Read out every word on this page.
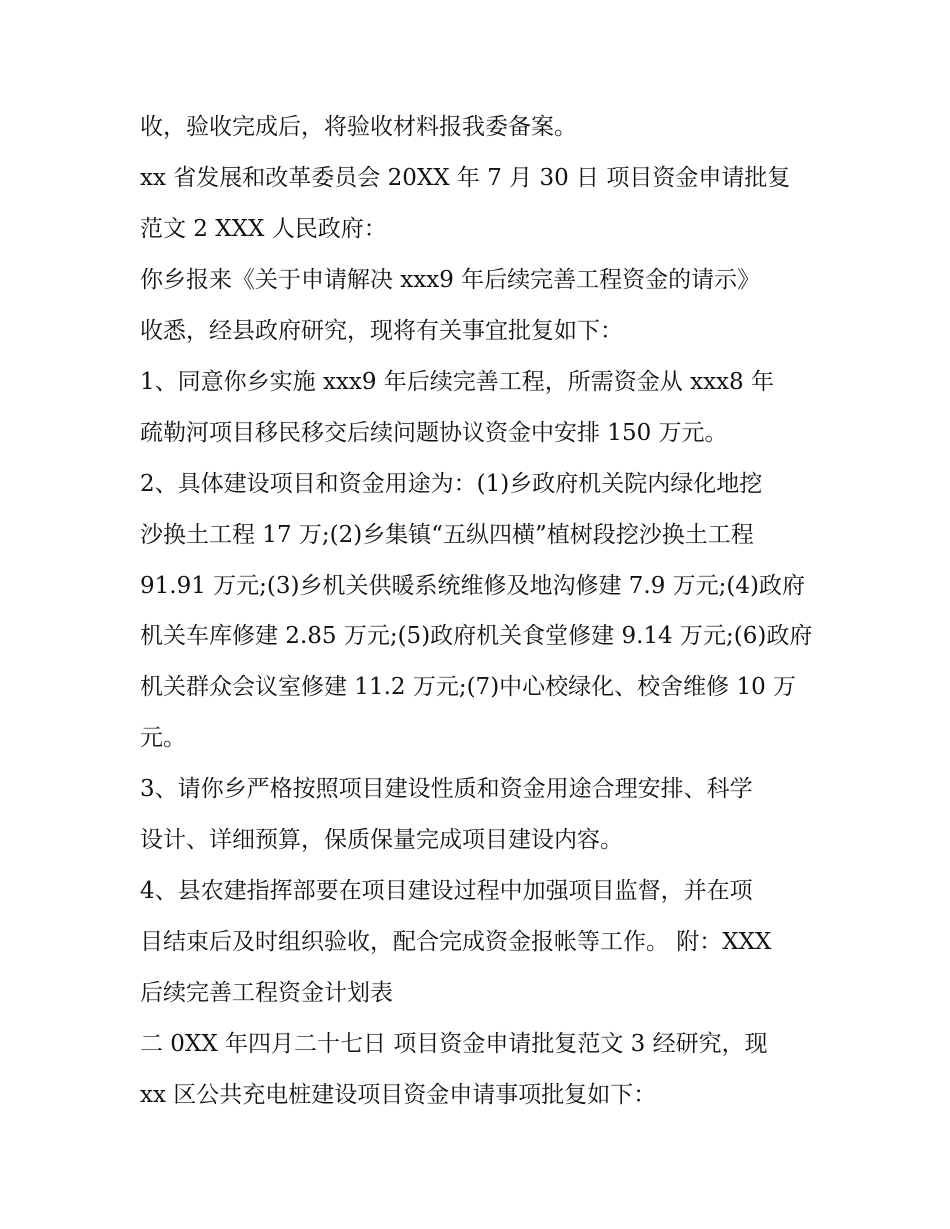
收，验收完成后，将验收材料报我委备案。
xx 省发展和改革委员会 20XX 年 7 月 30 日 项目资金申请批复
范文 2 XXX 人民政府：
你乡报来《关于申请解决 xxx9 年后续完善工程资金的请示》
收悉，经县政府研究，现将有关事宜批复如下：
1、同意你乡实施 xxx9 年后续完善工程，所需资金从 xxx8 年
疏勒河项目移民移交后续问题协议资金中安排 150 万元。
2、具体建设项目和资金用途为：(1)乡政府机关院内绿化地挖
沙换土工程 17 万;(2)乡集镇“五纵四横”植树段挖沙换土工程
91.91 万元;(3)乡机关供暖系统维修及地沟修建 7.9 万元;(4)政府
机关车库修建 2.85 万元;(5)政府机关食堂修建 9.14 万元;(6)政府
机关群众会议室修建 11.2 万元;(7)中心校绿化、校舍维修 10 万
元。
3、请你乡严格按照项目建设性质和资金用途合理安排、科学
设计、详细预算，保质保量完成项目建设内容。
4、县农建指挥部要在项目建设过程中加强项目监督，并在项
目结束后及时组织验收，配合完成资金报帐等工作。 附：XXX
后续完善工程资金计划表
二 0XX 年四月二十七日 项目资金申请批复范文 3 经研究，现
xx 区公共充电桩建设项目资金申请事项批复如下：
